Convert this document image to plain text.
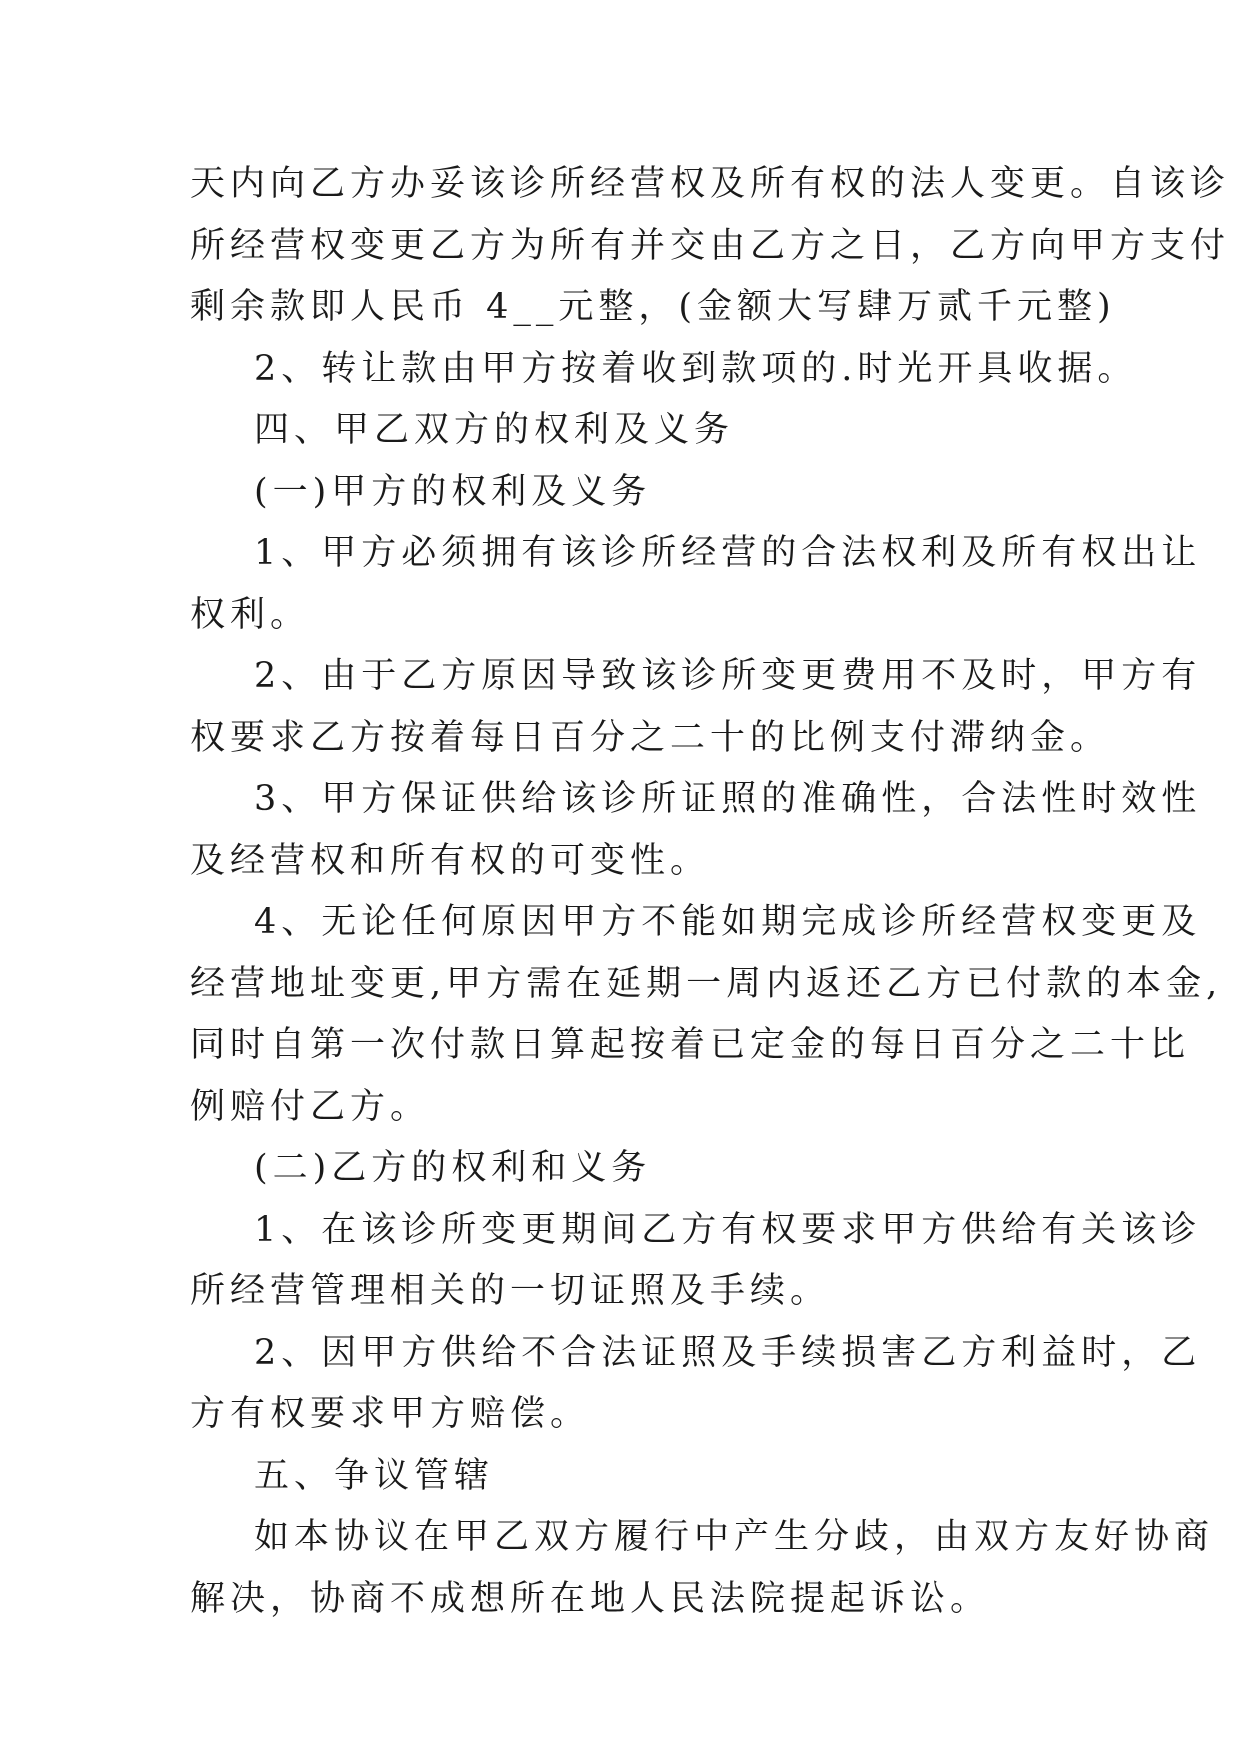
天内向乙方办妥该诊所经营权及所有权的法人变更。自该诊
所经营权变更乙方为所有并交由乙方之日，乙方向甲方支付
剩余款即人民币 4__元整，(金额大写肆万贰千元整)
2、转让款由甲方按着收到款项的.时光开具收据。
四、甲乙双方的权利及义务
(一)甲方的权利及义务
1、甲方必须拥有该诊所经营的合法权利及所有权出让
权利。
2、由于乙方原因导致该诊所变更费用不及时，甲方有
权要求乙方按着每日百分之二十的比例支付滞纳金。
3、甲方保证供给该诊所证照的准确性，合法性时效性
及经营权和所有权的可变性。
4、无论任何原因甲方不能如期完成诊所经营权变更及
经营地址变更,甲方需在延期一周内返还乙方已付款的本金,
同时自第一次付款日算起按着已定金的每日百分之二十比
例赔付乙方。
(二)乙方的权利和义务
1、在该诊所变更期间乙方有权要求甲方供给有关该诊
所经营管理相关的一切证照及手续。
2、因甲方供给不合法证照及手续损害乙方利益时，乙
方有权要求甲方赔偿。
五、争议管辖
如本协议在甲乙双方履行中产生分歧，由双方友好协商
解决，协商不成想所在地人民法院提起诉讼。
